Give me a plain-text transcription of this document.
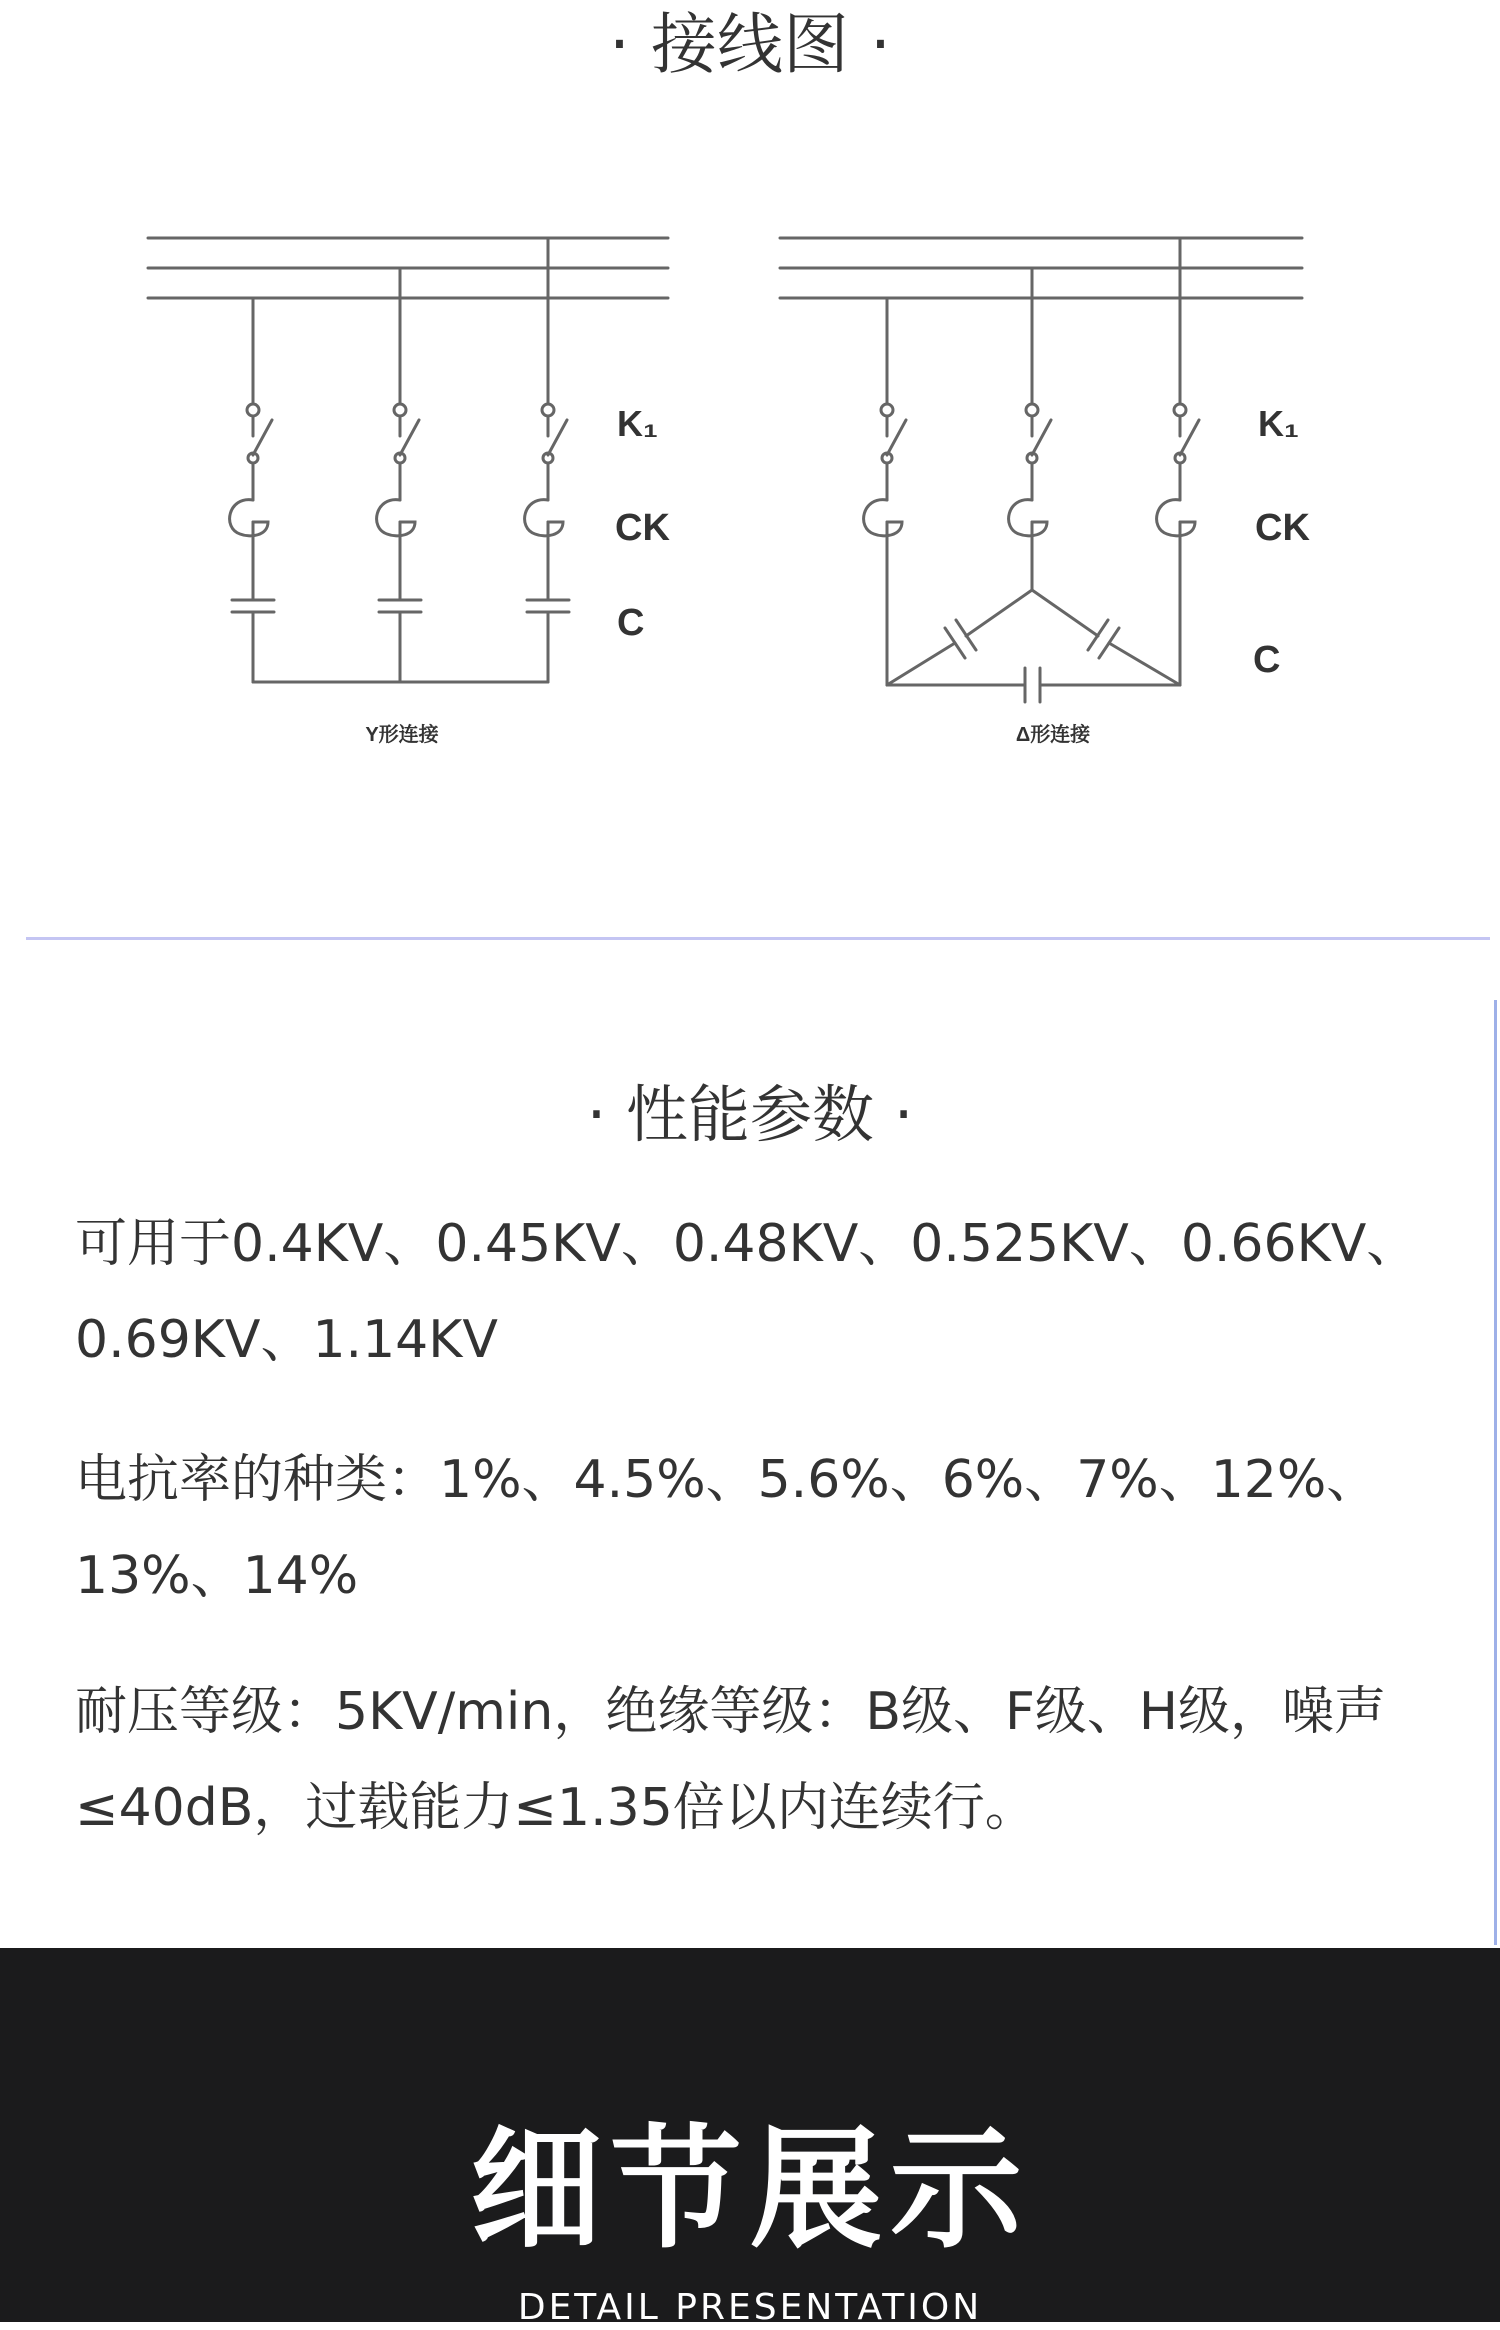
· 接线图 ·
K₁
CK
C
Y形连接
K₁
CK
C
Δ形连接
· 性能参数 ·

可用于0.4KV、0.45KV、0.48KV、0.525KV、0.66KV、0.69KV、1.14KV

电抗率的种类：1%、4.5%、5.6%、6%、7%、12%、13%、14%

耐压等级：5KV/min，绝缘等级：B级、F级、H级，噪声≤40dB，过载能力≤1.35倍以内连续行。

细节展示
DETAIL PRESENTATION
